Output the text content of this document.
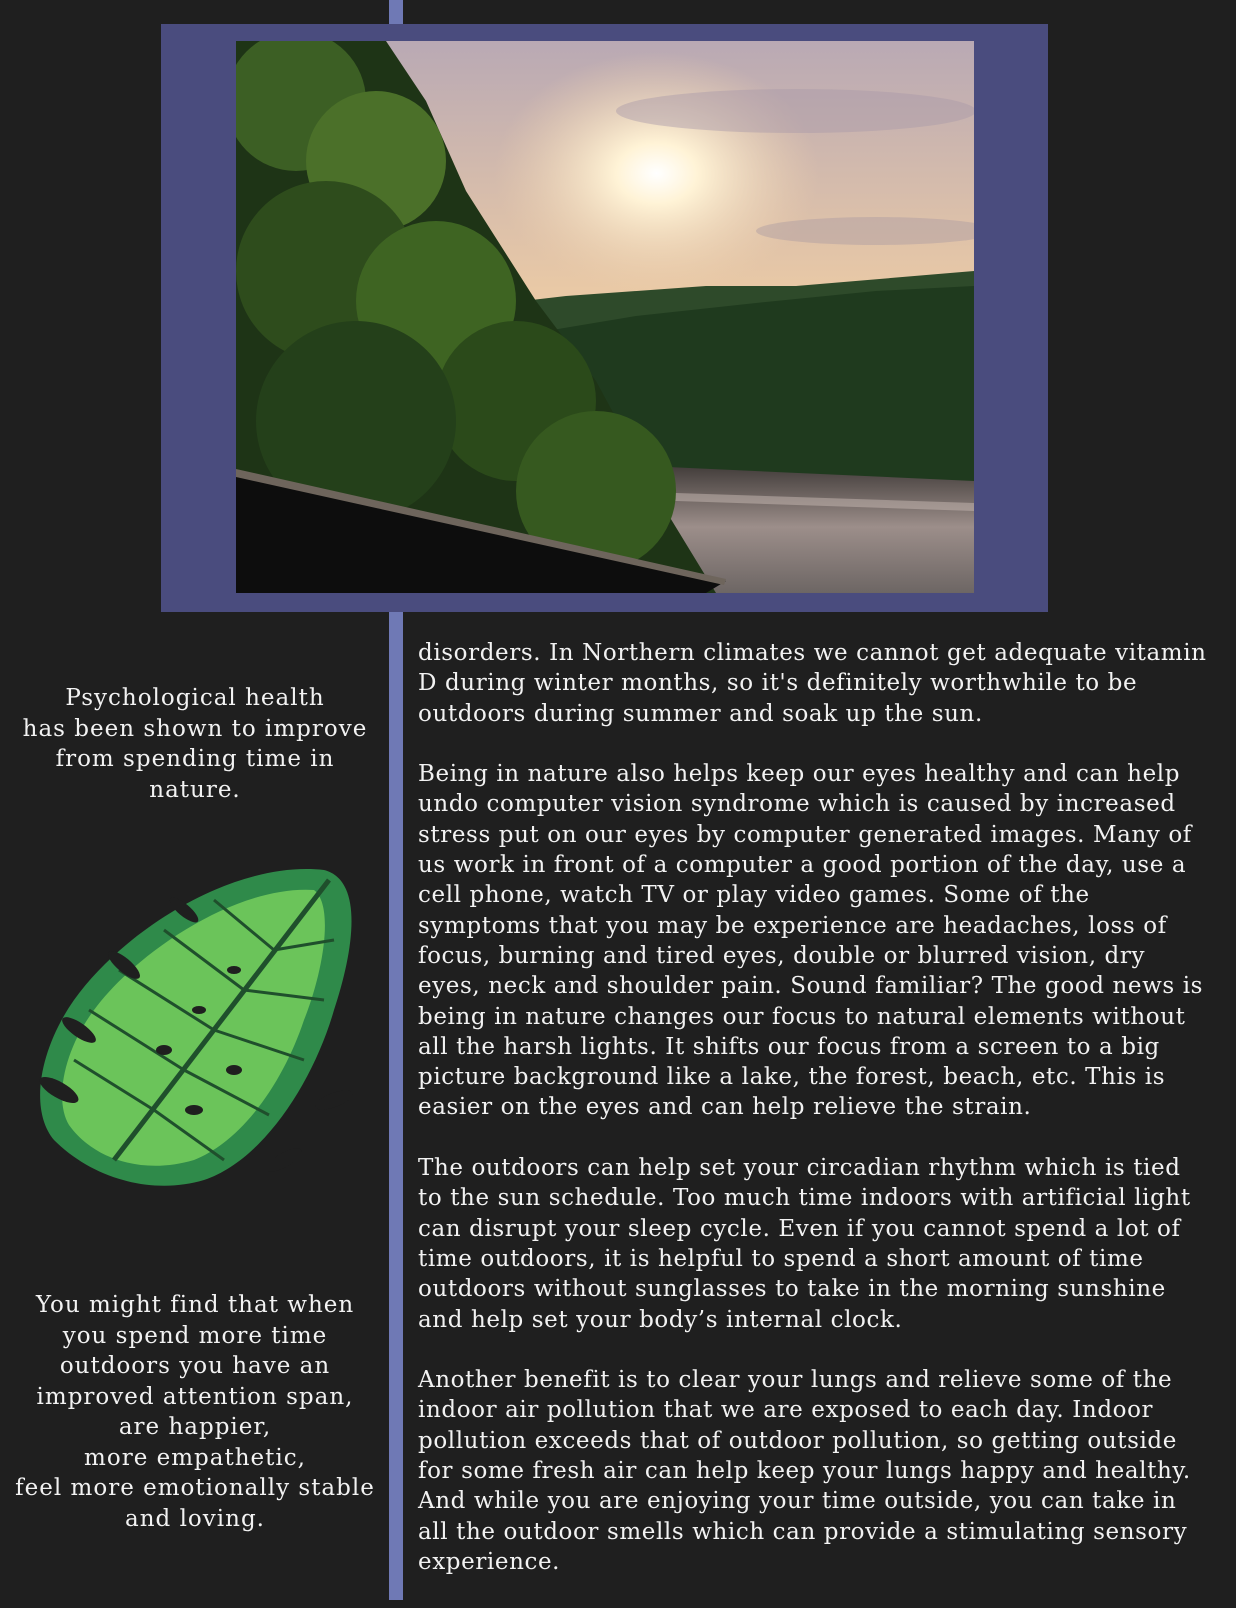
Psychological health
has been shown to improve
from spending time in
nature.
You might find that when
you spend more time
outdoors you have an
improved attention span,
are happier,
more empathetic,
feel more emotionally stable
and loving.

disorders. In Northern climates we cannot get adequate vitamin
D during winter months, so it's definitely worthwhile to be
outdoors during summer and soak up the sun.

Being in nature also helps keep our eyes healthy and can help
undo computer vision syndrome which is caused by increased
stress put on our eyes by computer generated images. Many of
us work in front of a computer a good portion of the day, use a
cell phone, watch TV or play video games. Some of the
symptoms that you may be experience are headaches, loss of
focus, burning and tired eyes, double or blurred vision, dry
eyes, neck and shoulder pain. Sound familiar? The good news is
being in nature changes our focus to natural elements without
all the harsh lights. It shifts our focus from a screen to a big
picture background like a lake, the forest, beach, etc. This is
easier on the eyes and can help relieve the strain.

The outdoors can help set your circadian rhythm which is tied
to the sun schedule. Too much time indoors with artificial light
can disrupt your sleep cycle. Even if you cannot spend a lot of
time outdoors, it is helpful to spend a short amount of time
outdoors without sunglasses to take in the morning sunshine
and help set your body’s internal clock.

Another benefit is to clear your lungs and relieve some of the
indoor air pollution that we are exposed to each day. Indoor
pollution exceeds that of outdoor pollution, so getting outside
for some fresh air can help keep your lungs happy and healthy.
And while you are enjoying your time outside, you can take in
all the outdoor smells which can provide a stimulating sensory
experience.
